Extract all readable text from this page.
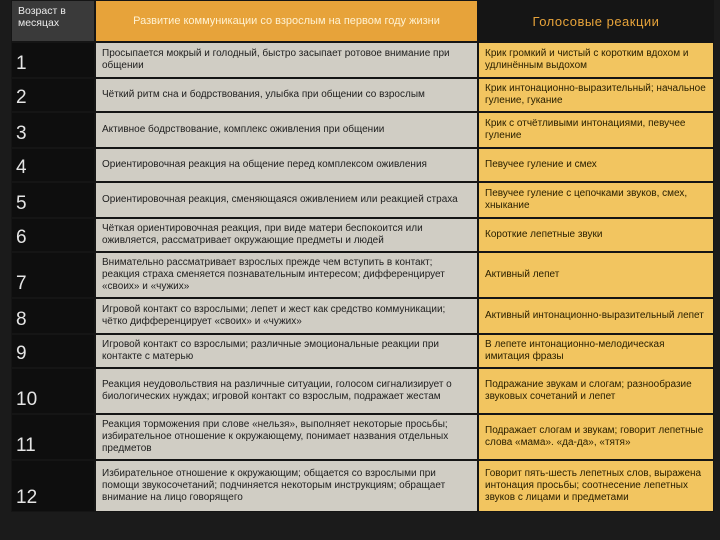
Возраст в месяцах	Развитие коммуникации со взрослым на первом году жизни	Голосовые реакции
1	Просыпается мокрый и голодный, быстро засыпает ротовое внимание при общении	Крик громкий и чистый с коротким вдохом и удлинённым выдохом
2	Чёткий ритм сна и бодрствования, улыбка при общении со взрослым	Крик интонационно-выразительный; начальное гуление, гукание
3	Активное бодрствование, комплекс оживления при общении	Крик с отчётливыми интонациями, певучее гуление
4	Ориентировочная реакция на общение перед комплексом оживления	Певучее гуление и смех
5	Ориентировочная реакция, сменяющаяся оживлением или реакцией страха	Певучее гуление с цепочками звуков, смех, хныкание
6	Чёткая ориентировочная реакция, при виде матери беспокоится или оживляется, рассматривает окружающие предметы и людей	Короткие лепетные звуки
7	Внимательно рассматривает взрослых прежде чем вступить в контакт; реакция страха сменяется познавательным интересом; дифференцирует «своих» и «чужих»	Активный лепет
8	Игровой контакт со взрослыми; лепет и жест как средство коммуникации; чётко дифференцирует «своих» и «чужих»	Активный интонационно-выразительный лепет
9	Игровой контакт со взрослыми; различные эмоциональные реакции при контакте с матерью	В лепете интонационно-мелодическая имитация фразы
10	Реакция неудовольствия на различные ситуации, голосом сигнализирует о биологических нуждах; игровой контакт со взрослым, подражает жестам	Подражание звукам и слогам; разнообразие звуковых сочетаний и лепет
11	Реакция торможения при слове «нельзя», выполняет некоторые просьбы; избирательное отношение к окружающему, понимает названия отдельных предметов	Подражает слогам и звукам; говорит лепетные слова «мама». «да-да», «тятя»
12	Избирательное отношение к окружающим; общается со взрослыми при помощи звукосочетаний; подчиняется некоторым инструкциям; обращает внимание на лицо говорящего	Говорит пять-шесть лепетных слов, выражена интонация просьбы; соотнесение лепетных звуков с лицами и предметами
